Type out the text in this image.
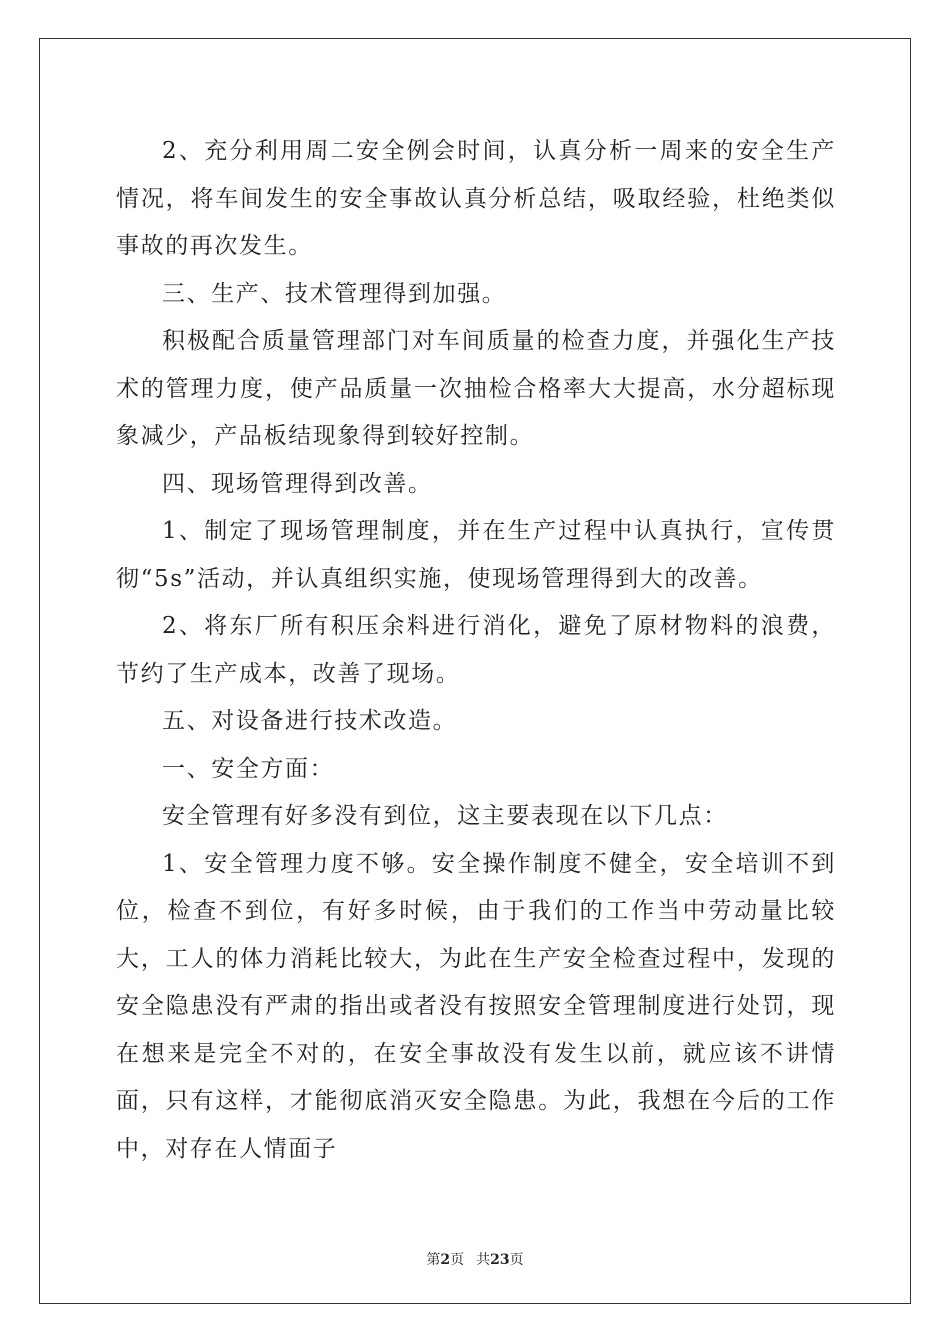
2、充分利用周二安全例会时间，认真分析一周来的安全生产情况，将车间发生的安全事故认真分析总结，吸取经验，杜绝类似事故的再次发生。

三、生产、技术管理得到加强。

积极配合质量管理部门对车间质量的检查力度，并强化生产技术的管理力度，使产品质量一次抽检合格率大大提高，水分超标现象减少，产品板结现象得到较好控制。

四、现场管理得到改善。

1、制定了现场管理制度，并在生产过程中认真执行，宣传贯彻“5s”活动，并认真组织实施，使现场管理得到大的改善。

2、将东厂所有积压余料进行消化，避免了原材物料的浪费，节约了生产成本，改善了现场。

五、对设备进行技术改造。

一、安全方面：

安全管理有好多没有到位，这主要表现在以下几点：

1、安全管理力度不够。安全操作制度不健全，安全培训不到位，检查不到位，有好多时候，由于我们的工作当中劳动量比较大，工人的体力消耗比较大，为此在生产安全检查过程中，发现的安全隐患没有严肃的指出或者没有按照安全管理制度进行处罚，现在想来是完全不对的，在安全事故没有发生以前，就应该不讲情面，只有这样，才能彻底消灭安全隐患。为此，我想在今后的工作中，对存在人情面子

第2页 共23页
